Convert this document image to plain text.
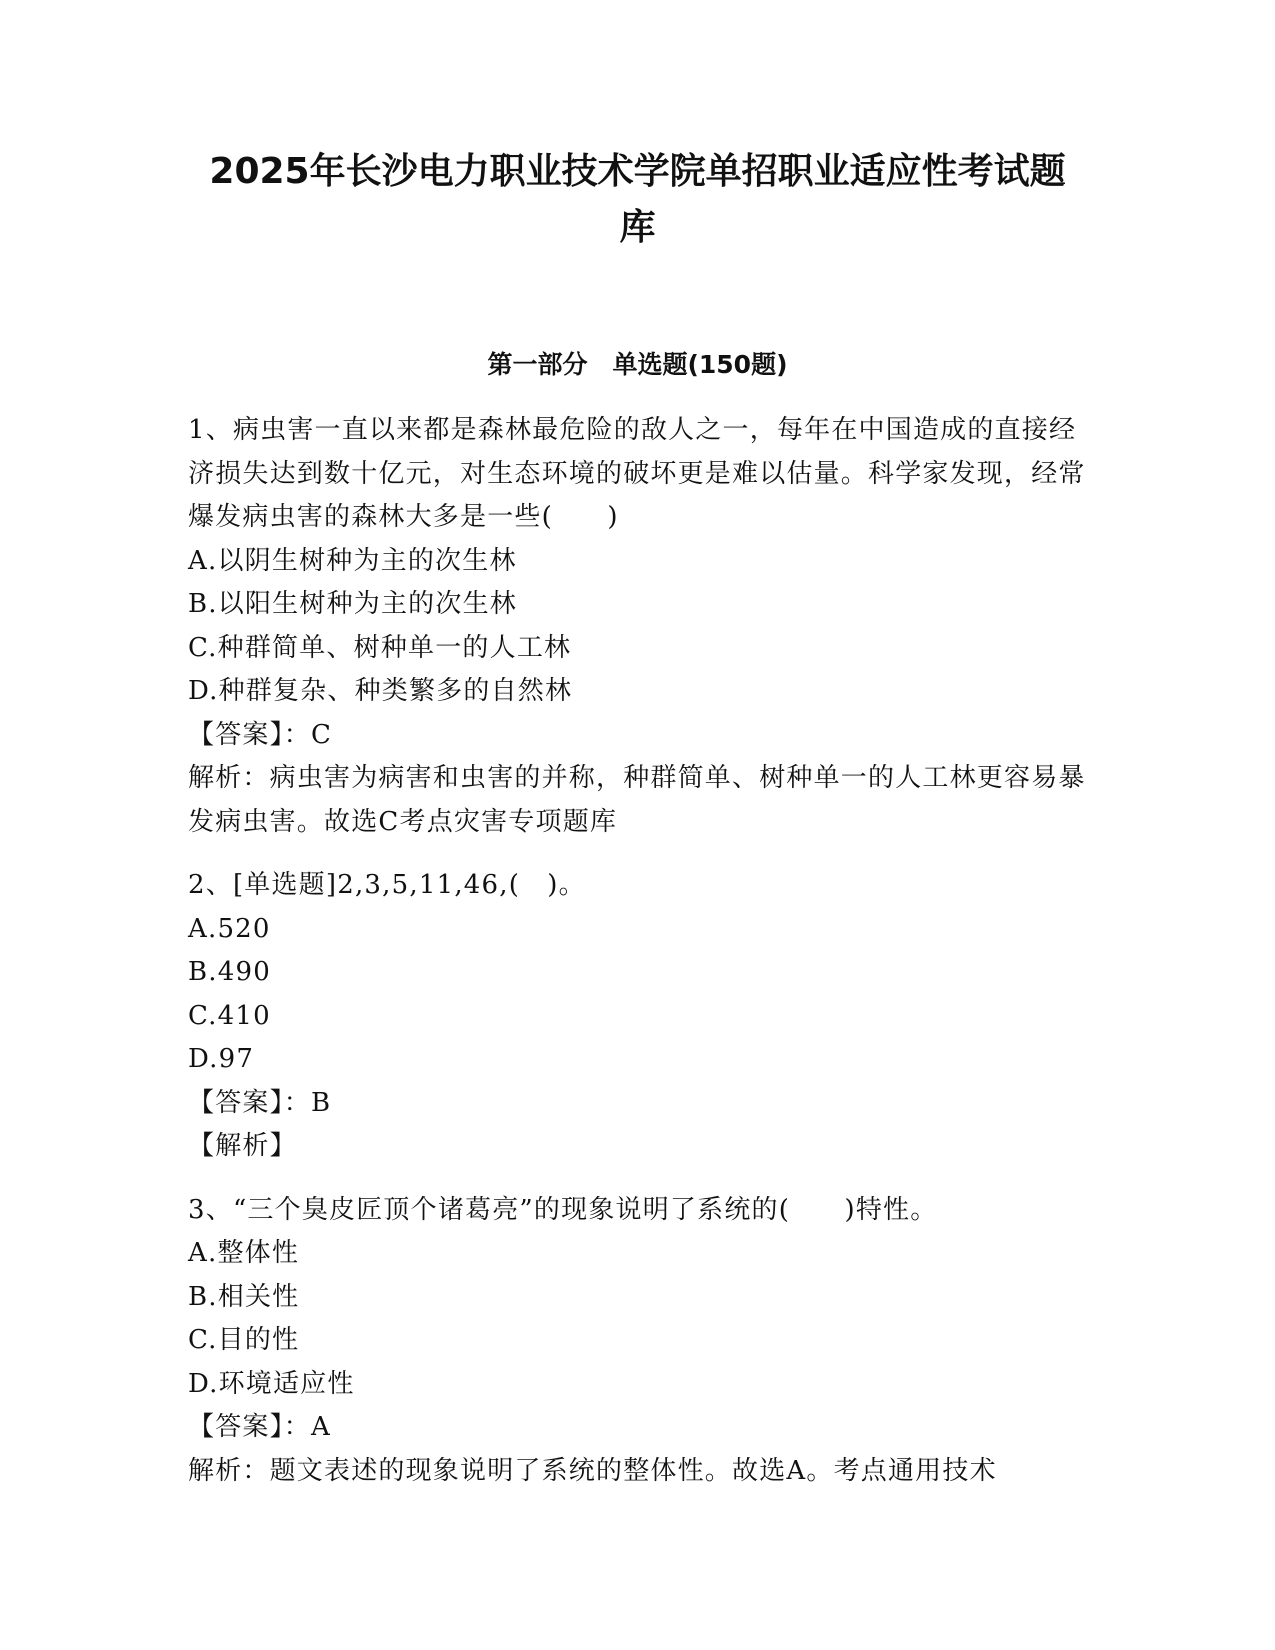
2025年长沙电力职业技术学院单招职业适应性考试题
库
第一部分　单选题(150题)
1、病虫害一直以来都是森林最危险的敌人之一，每年在中国造成的直接经济损失达到数十亿元，对生态环境的破坏更是难以估量。科学家发现，经常爆发病虫害的森林大多是一些(　　)
A.以阴生树种为主的次生林
B.以阳生树种为主的次生林
C.种群简单、树种单一的人工林
D.种群复杂、种类繁多的自然林
【答案】：C
解析：病虫害为病害和虫害的并称，种群简单、树种单一的人工林更容易暴发病虫害。故选C考点灾害专项题库
2、[单选题]2,3,5,11,46,(　)。
A.520
B.490
C.410
D.97
【答案】：B
【解析】
3、“三个臭皮匠顶个诸葛亮”的现象说明了系统的(　　)特性。
A.整体性
B.相关性
C.目的性
D.环境适应性
【答案】：A
解析：题文表述的现象说明了系统的整体性。故选A。考点通用技术
